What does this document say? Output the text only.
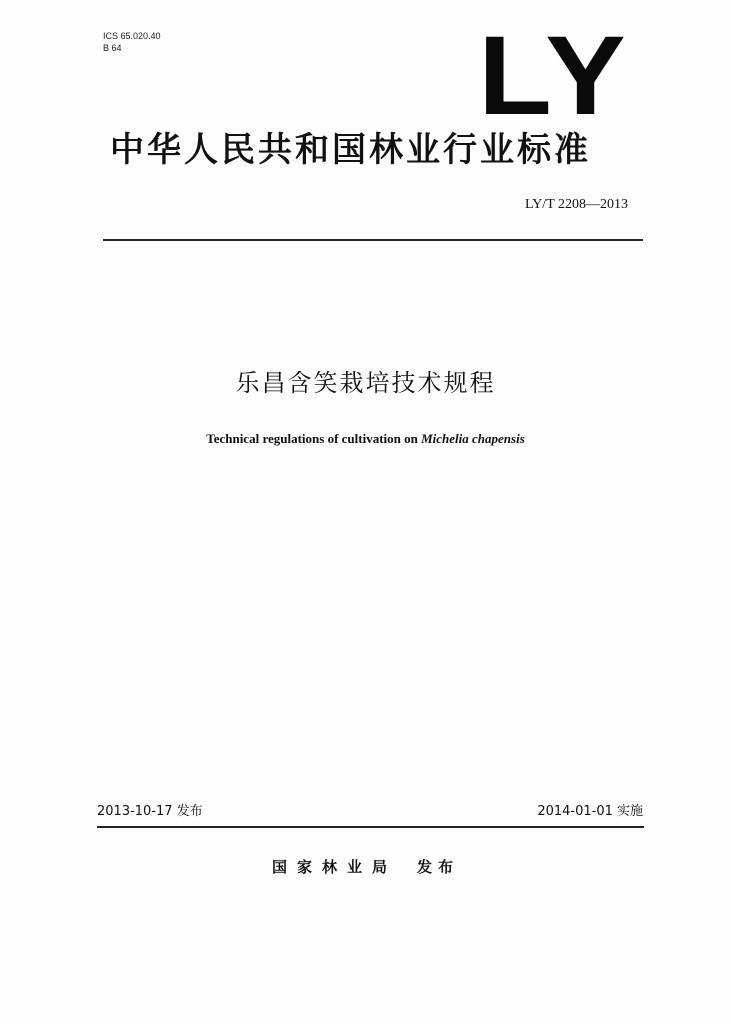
ICS 65.020.40
B 64	LY
中华人民共和国林业行业标准
LY/T 2208—2013
乐昌含笑栽培技术规程
Technical regulations of cultivation on Michelia chapensis
2013-10-17 发布	2014-01-01 实施
国家林业局 发布
